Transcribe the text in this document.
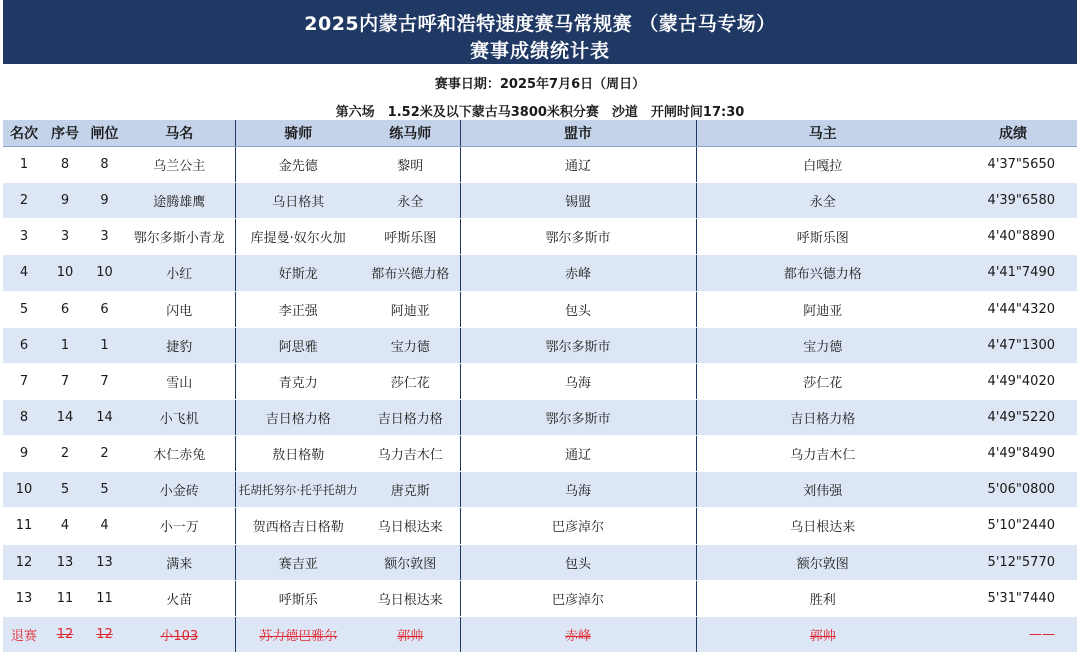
2025内蒙古呼和浩特速度赛马常规赛 （蒙古马专场）
赛事成绩统计表
赛事日期：2025年7月6日（周日）
第六场　1.52米及以下蒙古马3800米积分赛　沙道　开闸时间17:30
名次	序号	闸位	马名	骑师	练马师	盟市	马主	成绩
1	8	8	乌兰公主	金先德	黎明	通辽	白嘎拉	4'37"5650
2	9	9	途腾雄鹰	乌日格其	永全	锡盟	永全	4'39"6580
3	3	3	鄂尔多斯小青龙	库提曼·奴尔火加	呼斯乐图	鄂尔多斯市	呼斯乐图	4'40"8890
4	10	10	小红	好斯龙	都布兴德力格	赤峰	都布兴德力格	4'41"7490
5	6	6	闪电	李正强	阿迪亚	包头	阿迪亚	4'44"4320
6	1	1	捷豹	阿思雅	宝力德	鄂尔多斯市	宝力德	4'47"1300
7	7	7	雪山	青克力	莎仁花	乌海	莎仁花	4'49"4020
8	14	14	小飞机	吉日格力格	吉日格力格	鄂尔多斯市	吉日格力格	4'49"5220
9	2	2	木仁赤兔	敖日格勒	乌力吉木仁	通辽	乌力吉木仁	4'49"8490
10	5	5	小金砖	托胡托努尔·托乎托胡力	唐克斯	乌海	刘伟强	5'06"0800
11	4	4	小一万	贺西格吉日格勒	乌日根达来	巴彦淖尔	乌日根达来	5'10"2440
12	13	13	满来	赛吉亚	额尔敦图	包头	额尔敦图	5'12"5770
13	11	11	火苗	呼斯乐	乌日根达来	巴彦淖尔	胜利	5'31"7440
退赛	12	12	小103	苏力德巴雅尔	郭帅	赤峰	郭帅	——
